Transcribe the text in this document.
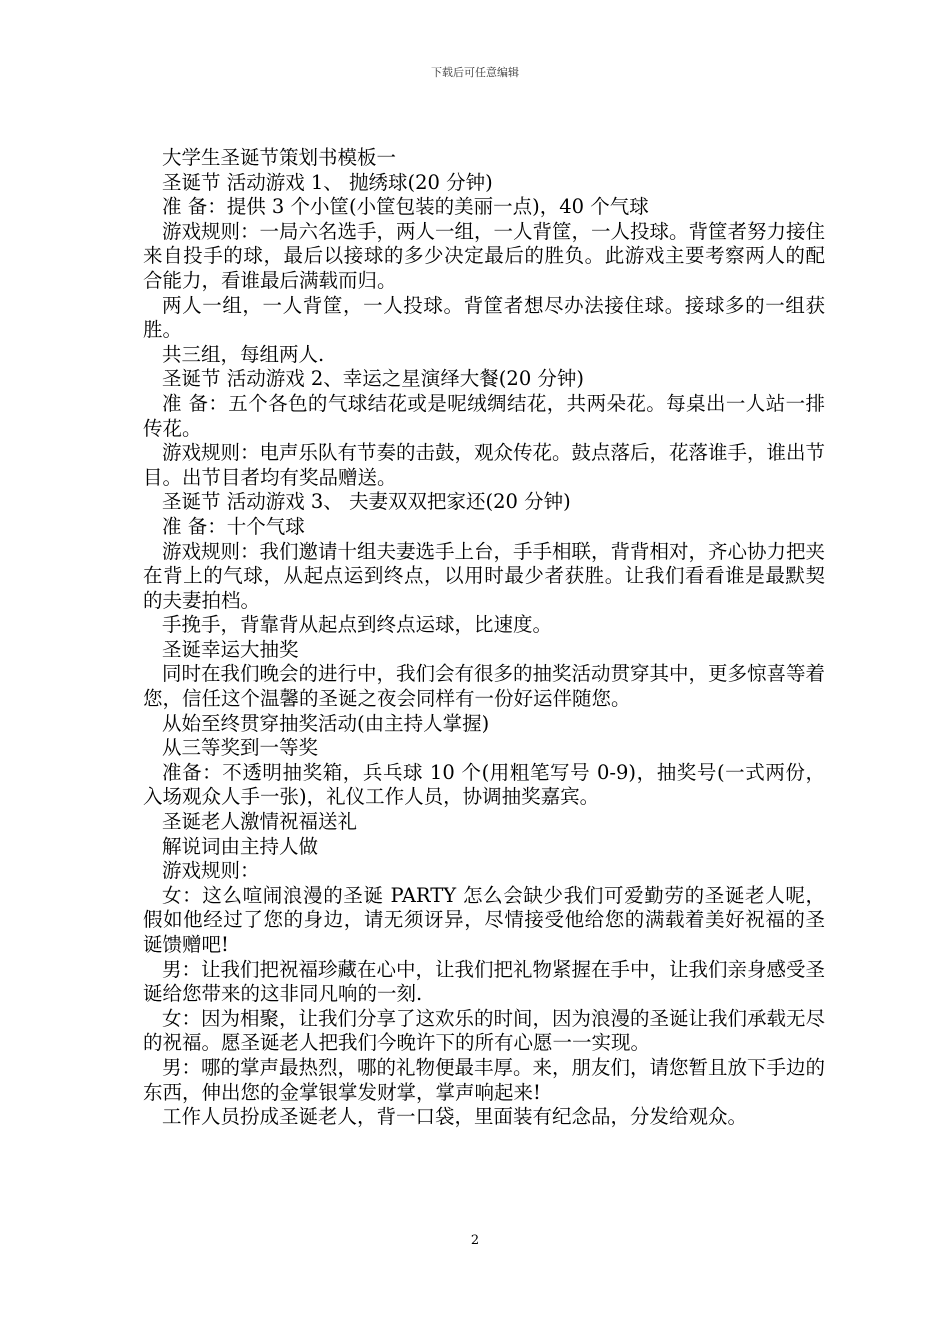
下载后可任意编辑

大学生圣诞节策划书模板一

圣诞节 活动游戏 1、 抛绣球(20 分钟)

准 备：提供 3 个小筐(小筐包装的美丽一点)，40 个气球

游戏规则：一局六名选手，两人一组，一人背筐，一人投球。背筐者努力接住来自投手的球，最后以接球的多少决定最后的胜负。此游戏主要考察两人的配合能力，看谁最后满载而归。

两人一组，一人背筐，一人投球。背筐者想尽办法接住球。接球多的一组获胜。

共三组，每组两人.

圣诞节 活动游戏 2、幸运之星演绎大餐(20 分钟)

准 备：五个各色的气球结花或是呢绒绸结花，共两朵花。每桌出一人站一排传花。

游戏规则：电声乐队有节奏的击鼓，观众传花。鼓点落后，花落谁手，谁出节目。出节目者均有奖品赠送。

圣诞节 活动游戏 3、 夫妻双双把家还(20 分钟)

准 备：十个气球

游戏规则：我们邀请十组夫妻选手上台，手手相联，背背相对，齐心协力把夹在背上的气球，从起点运到终点，以用时最少者获胜。让我们看看谁是最默契的夫妻拍档。

手挽手，背靠背从起点到终点运球，比速度。

圣诞幸运大抽奖

同时在我们晚会的进行中，我们会有很多的抽奖活动贯穿其中，更多惊喜等着您，信任这个温馨的圣诞之夜会同样有一份好运伴随您。

从始至终贯穿抽奖活动(由主持人掌握)

从三等奖到一等奖

准备：不透明抽奖箱，兵乓球 10 个(用粗笔写号 0-9)，抽奖号(一式两份，入场观众人手一张)，礼仪工作人员，协调抽奖嘉宾。

圣诞老人激情祝福送礼

解说词由主持人做

游戏规则：

女：这么喧闹浪漫的圣诞 PARTY 怎么会缺少我们可爱勤劳的圣诞老人呢，假如他经过了您的身边，请无须讶异，尽情接受他给您的满载着美好祝福的圣诞馈赠吧!

男：让我们把祝福珍藏在心中，让我们把礼物紧握在手中，让我们亲身感受圣诞给您带来的这非同凡响的一刻.

女：因为相聚，让我们分享了这欢乐的时间，因为浪漫的圣诞让我们承载无尽的祝福。愿圣诞老人把我们今晚许下的所有心愿一一实现。

男：哪的掌声最热烈，哪的礼物便最丰厚。来，朋友们，请您暂且放下手边的东西，伸出您的金掌银掌发财掌，掌声响起来!

工作人员扮成圣诞老人，背一口袋，里面装有纪念品，分发给观众。

2
